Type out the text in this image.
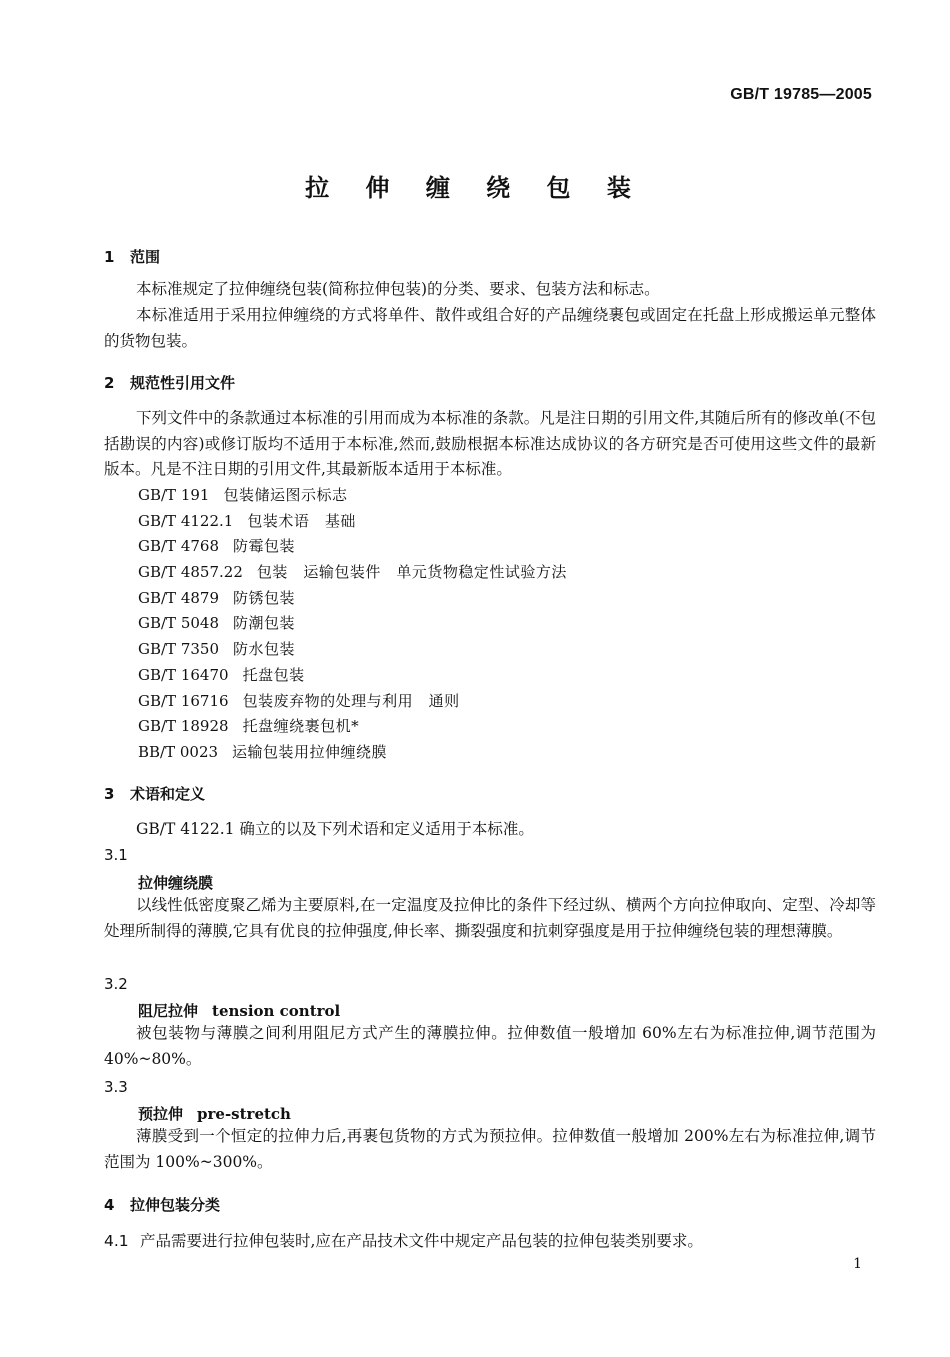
GB/T 19785—2005
拉 伸 缠 绕 包 装
1 范围
本标准规定了拉伸缠绕包装(简称拉伸包装)的分类、要求、包装方法和标志。
本标准适用于采用拉伸缠绕的方式将单件、散件或组合好的产品缠绕裹包或固定在托盘上形成搬运单元整体的货物包装。
2 规范性引用文件
下列文件中的条款通过本标准的引用而成为本标准的条款。凡是注日期的引用文件,其随后所有的修改单(不包括勘误的内容)或修订版均不适用于本标准,然而,鼓励根据本标准达成协议的各方研究是否可使用这些文件的最新版本。凡是不注日期的引用文件,其最新版本适用于本标准。
GB/T 191 包装储运图示标志
GB/T 4122.1 包装术语　基础
GB/T 4768 防霉包装
GB/T 4857.22 包装　运输包装件　单元货物稳定性试验方法
GB/T 4879 防锈包装
GB/T 5048 防潮包装
GB/T 7350 防水包装
GB/T 16470 托盘包装
GB/T 16716 包装废弃物的处理与利用　通则
GB/T 18928 托盘缠绕裹包机*
BB/T 0023 运输包装用拉伸缠绕膜
3 术语和定义
GB/T 4122.1 确立的以及下列术语和定义适用于本标准。
3.1
拉伸缠绕膜
以线性低密度聚乙烯为主要原料,在一定温度及拉伸比的条件下经过纵、横两个方向拉伸取向、定型、冷却等处理所制得的薄膜,它具有优良的拉伸强度,伸长率、撕裂强度和抗刺穿强度是用于拉伸缠绕包装的理想薄膜。
3.2
阻尼拉伸 tension control
被包装物与薄膜之间利用阻尼方式产生的薄膜拉伸。拉伸数值一般增加 60%左右为标准拉伸,调节范围为 40%~80%。
3.3
预拉伸 pre-stretch
薄膜受到一个恒定的拉伸力后,再裹包货物的方式为预拉伸。拉伸数值一般增加 200%左右为标准拉伸,调节范围为 100%~300%。
4 拉伸包装分类
4.1 产品需要进行拉伸包装时,应在产品技术文件中规定产品包装的拉伸包装类别要求。
1
